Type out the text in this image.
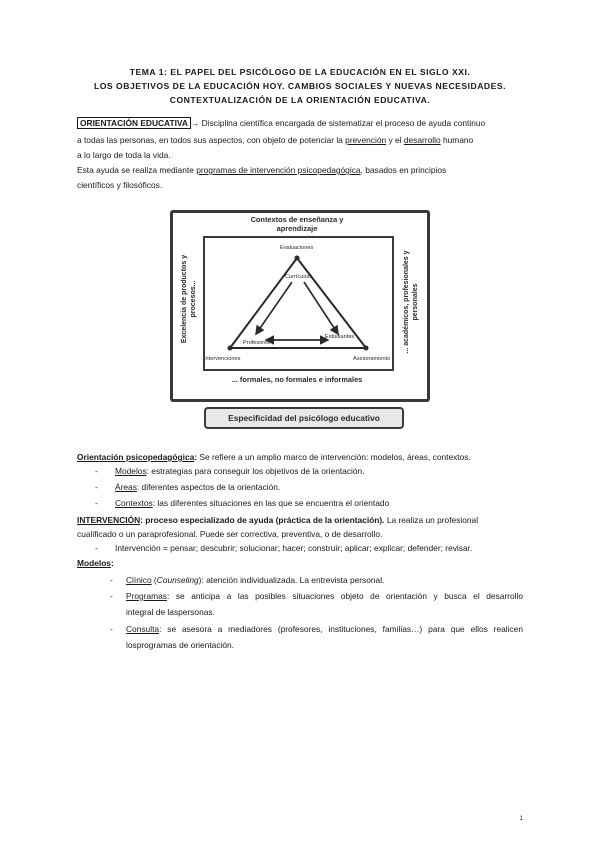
TEMA 1: EL PAPEL DEL PSICÓLOGO DE LA EDUCACIÓN EN EL SIGLO XXI.
LOS OBJETIVOS DE LA EDUCACIÓN HOY. CAMBIOS SOCIALES Y NUEVAS NECESIDADES.
CONTEXTUALIZACIÓN DE LA ORIENTACIÓN EDUCATIVA.
ORIENTACIÓN EDUCATIVA → Disciplina científica encargada de sistematizar el proceso de ayuda continuo
a todas las personas, en todos sus aspectos, con objeto de potenciar la prevención y el desarrollo humano
a lo largo de toda la vida.
Esta ayuda se realiza mediante programas de intervención psicopedagógica, basados en principios
científicos y filosóficos.
Contextos de enseñanza y aprendizaje
Excelencia de productos y procesos...	... académicos, profesionales y personales
... formales, no formales e informales
Evaluaciones
Currículum
Profesores
Estudiantes
Intervenciones	Asesoramiento
Especificidad del psicólogo educativo
Orientación psicopedagógica: Se refiere a un amplio marco de intervención: modelos, áreas, contextos.
- Modelos: estrategias para conseguir los objetivos de la orientación.
- Áreas: diferentes aspectos de la orientación.
- Contextos: las diferentes situaciones en las que se encuentra el orientado
INTERVENCIÓN: proceso especializado de ayuda (práctica de la orientación). La realiza un profesional
cualificado o un paraprofesional. Puede ser correctiva, preventiva, o de desarrollo.
- Intervención = pensar; descubrir; solucionar; hacer; construir; aplicar; explicar; defender; revisar.
Modelos:
- Clínico (Counseling): atención individualizada. La entrevista personal.
- Programas: se anticipa a las posibles situaciones objeto de orientación y busca el desarrollo
integral de laspersonas.
- Consulta: se asesora a mediadores (profesores, instituciones, familias…) para que ellos realicen
losprogramas de orientación.
1
